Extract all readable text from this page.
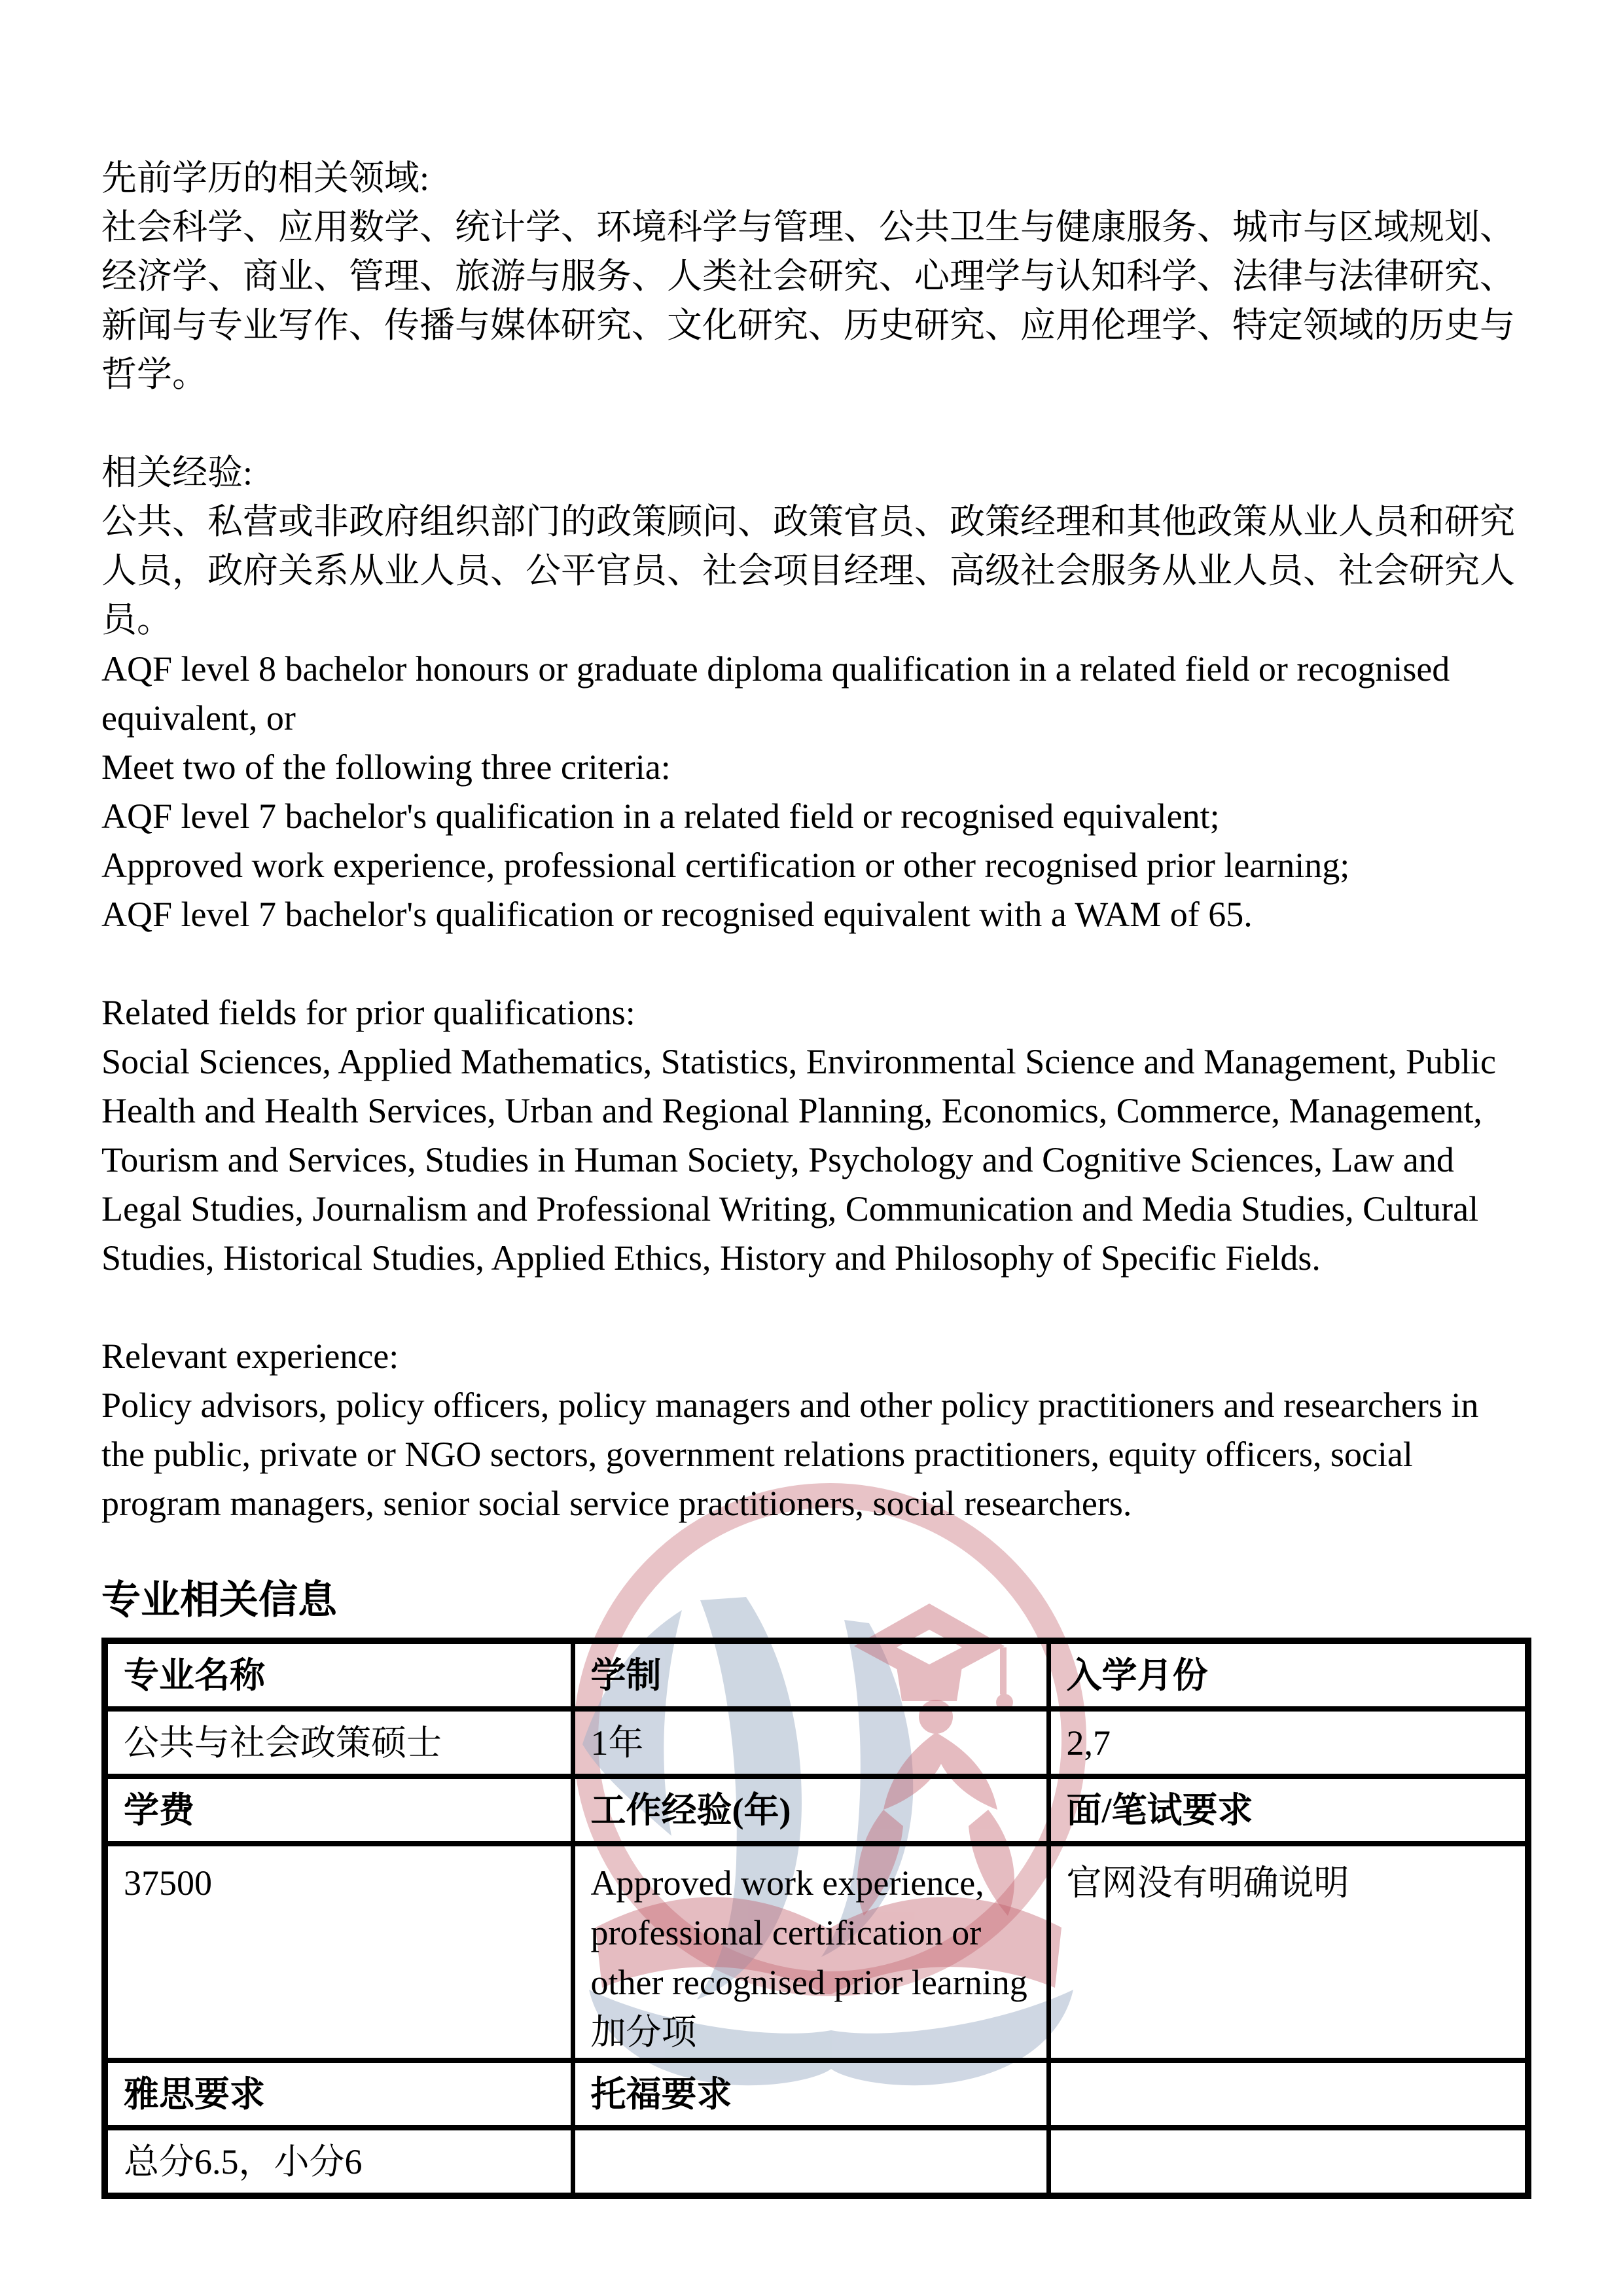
先前学历的相关领域:

社会科学、应用数学、统计学、环境科学与管理、公共卫生与健康服务、城市与区域规划、经济学、商业、管理、旅游与服务、人类社会研究、心理学与认知科学、法律与法律研究、新闻与专业写作、传播与媒体研究、文化研究、历史研究、应用伦理学、特定领域的历史与哲学。

相关经验:

公共、私营或非政府组织部门的政策顾问、政策官员、政策经理和其他政策从业人员和研究人员，政府关系从业人员、公平官员、社会项目经理、高级社会服务从业人员、社会研究人员。

AQF level 8 bachelor honours or graduate diploma qualification in a related field or recognised equivalent, or

Meet two of the following three criteria:

AQF level 7 bachelor's qualification in a related field or recognised equivalent;

Approved work experience, professional certification or other recognised prior learning;

AQF level 7 bachelor's qualification or recognised equivalent with a WAM of 65.

Related fields for prior qualifications:

Social Sciences, Applied Mathematics, Statistics, Environmental Science and Management, Public Health and Health Services, Urban and Regional Planning, Economics, Commerce, Management, Tourism and Services, Studies in Human Society, Psychology and Cognitive Sciences, Law and Legal Studies, Journalism and Professional Writing, Communication and Media Studies, Cultural Studies, Historical Studies, Applied Ethics, History and Philosophy of Specific Fields.

Relevant experience:

Policy advisors, policy officers, policy managers and other policy practitioners and researchers in the public, private or NGO sectors, government relations practitioners, equity officers, social program managers, senior social service practitioners, social researchers.

专业相关信息
专业名称	学制	入学月份
公共与社会政策硕士	1年	2,7
学费	工作经验(年)	面/笔试要求
37500	Approved work experience, professional certification or other recognised prior learning加分项	官网没有明确说明
雅思要求	托福要求	
总分6.5，小分6		
